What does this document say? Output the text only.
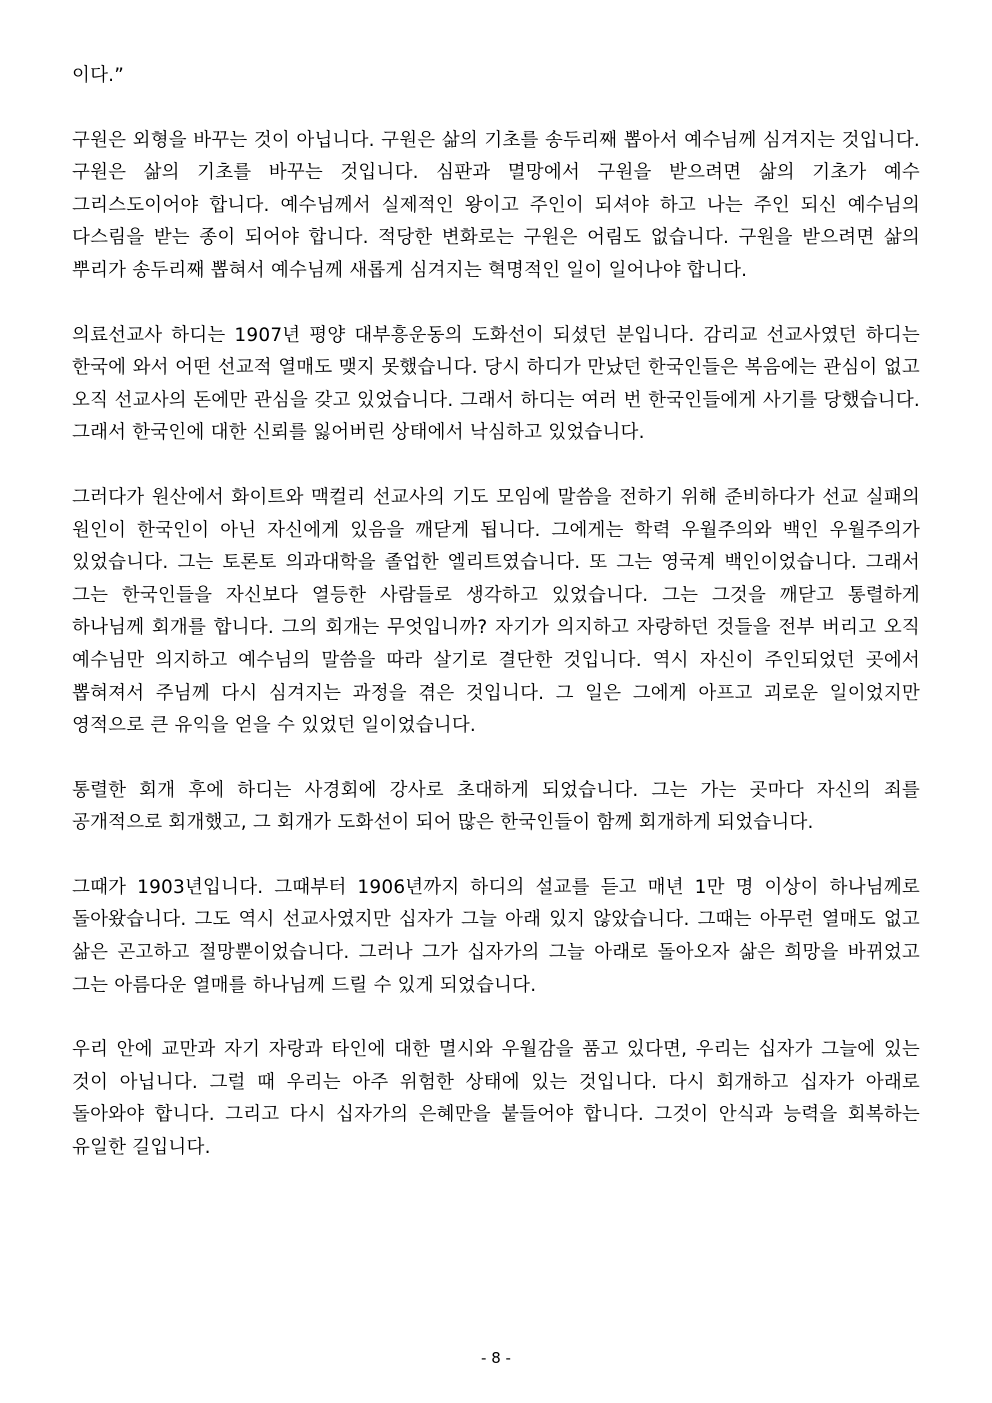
이다.”

구원은 외형을 바꾸는 것이 아닙니다. 구원은 삶의 기초를 송두리째 뽑아서 예수님께 심겨지는 것입니다. 구원은 삶의 기초를 바꾸는 것입니다. 심판과 멸망에서 구원을 받으려면 삶의 기초가 예수 그리스도이어야 합니다. 예수님께서 실제적인 왕이고 주인이 되셔야 하고 나는 주인 되신 예수님의 다스림을 받는 종이 되어야 합니다. 적당한 변화로는 구원은 어림도 없습니다. 구원을 받으려면 삶의 뿌리가 송두리째 뽑혀서 예수님께 새롭게 심겨지는 혁명적인 일이 일어나야 합니다.

의료선교사 하디는 1907년 평양 대부흥운동의 도화선이 되셨던 분입니다. 감리교 선교사였던 하디는 한국에 와서 어떤 선교적 열매도 맺지 못했습니다. 당시 하디가 만났던 한국인들은 복음에는 관심이 없고 오직 선교사의 돈에만 관심을 갖고 있었습니다. 그래서 하디는 여러 번 한국인들에게 사기를 당했습니다. 그래서 한국인에 대한 신뢰를 잃어버린 상태에서 낙심하고 있었습니다.

그러다가 원산에서 화이트와 맥컬리 선교사의 기도 모임에 말씀을 전하기 위해 준비하다가 선교 실패의 원인이 한국인이 아닌 자신에게 있음을 깨닫게 됩니다. 그에게는 학력 우월주의와 백인 우월주의가 있었습니다. 그는 토론토 의과대학을 졸업한 엘리트였습니다. 또 그는 영국계 백인이었습니다. 그래서 그는 한국인들을 자신보다 열등한 사람들로 생각하고 있었습니다. 그는 그것을 깨닫고 통렬하게 하나님께 회개를 합니다. 그의 회개는 무엇입니까? 자기가 의지하고 자랑하던 것들을 전부 버리고 오직 예수님만 의지하고 예수님의 말씀을 따라 살기로 결단한 것입니다. 역시 자신이 주인되었던 곳에서 뽑혀져서 주님께 다시 심겨지는 과정을 겪은 것입니다. 그 일은 그에게 아프고 괴로운 일이었지만 영적으로 큰 유익을 얻을 수 있었던 일이었습니다.

통렬한 회개 후에 하디는 사경회에 강사로 초대하게 되었습니다. 그는 가는 곳마다 자신의 죄를 공개적으로 회개했고, 그 회개가 도화선이 되어 많은 한국인들이 함께 회개하게 되었습니다.

그때가 1903년입니다. 그때부터 1906년까지 하디의 설교를 듣고 매년 1만 명 이상이 하나님께로 돌아왔습니다. 그도 역시 선교사였지만 십자가 그늘 아래 있지 않았습니다. 그때는 아무런 열매도 없고 삶은 곤고하고 절망뿐이었습니다. 그러나 그가 십자가의 그늘 아래로 돌아오자 삶은 희망을 바뀌었고 그는 아름다운 열매를 하나님께 드릴 수 있게 되었습니다.

우리 안에 교만과 자기 자랑과 타인에 대한 멸시와 우월감을 품고 있다면, 우리는 십자가 그늘에 있는 것이 아닙니다. 그럴 때 우리는 아주 위험한 상태에 있는 것입니다. 다시 회개하고 십자가 아래로 돌아와야 합니다. 그리고 다시 십자가의 은혜만을 붙들어야 합니다. 그것이 안식과 능력을 회복하는 유일한 길입니다.

- 8 -
